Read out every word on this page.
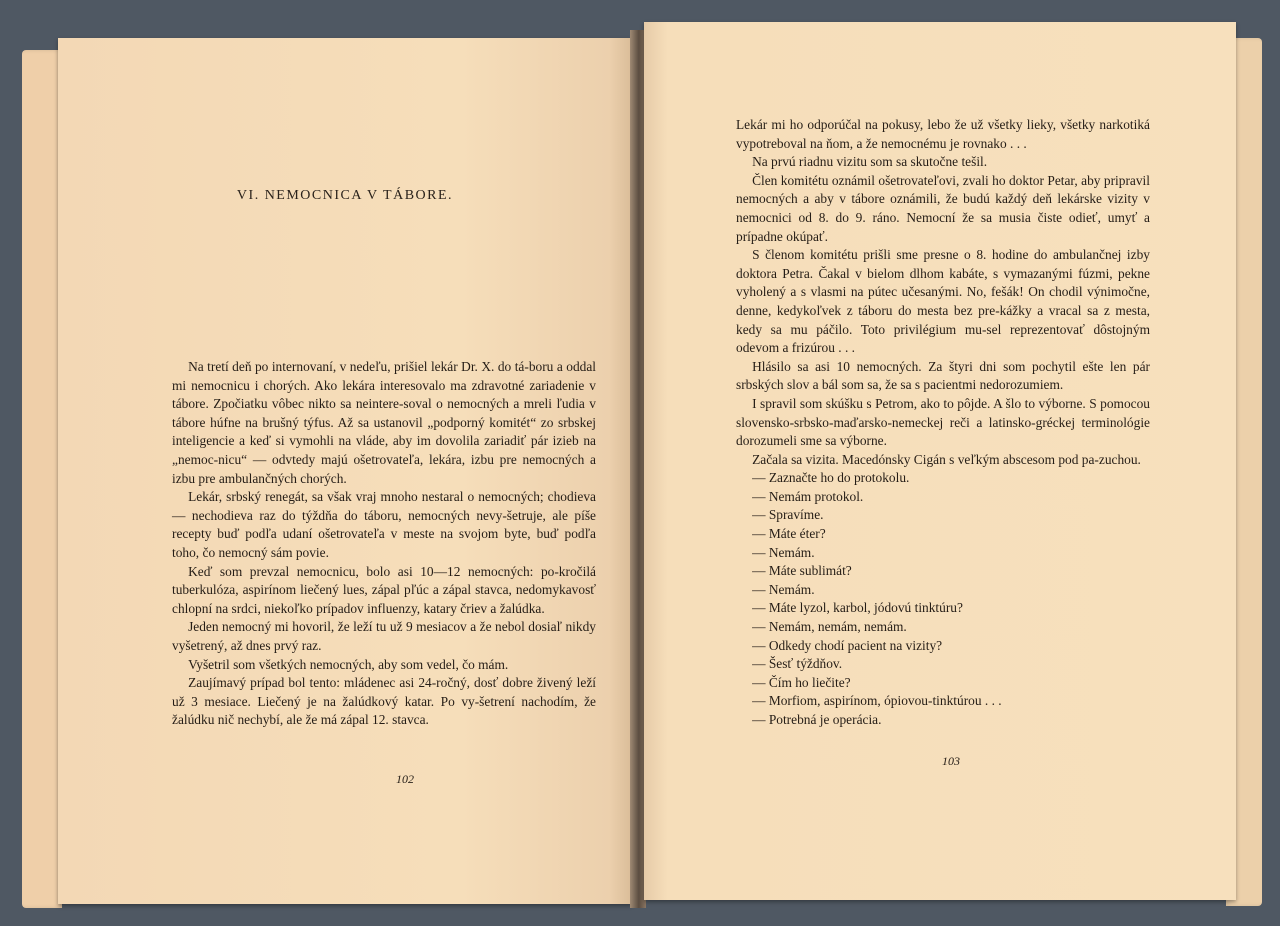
VI. NEMOCNICA V TÁBORE.

Na tretí deň po internovaní, v nedeľu, prišiel lekár Dr. X. do tá-boru a oddal mi nemocnicu i chorých. Ako lekára interesovalo ma zdravotné zariadenie v tábore. Zpočiatku vôbec nikto sa neintere-soval o nemocných a mreli ľudia v tábore húfne na brušný týfus. Až sa ustanovil „podporný komitét“ zo srbskej inteligencie a keď si vymohli na vláde, aby im dovolila zariadiť pár izieb na „nemoc-nicu“ — odvtedy majú ošetrovateľa, lekára, izbu pre nemocných a izbu pre ambulančných chorých.

Lekár, srbský renegát, sa však vraj mnoho nestaral o nemocných; chodieva — nechodieva raz do týždňa do táboru, nemocných nevy-šetruje, ale píše recepty buď podľa udaní ošetrovateľa v meste na svojom byte, buď podľa toho, čo nemocný sám povie.

Keď som prevzal nemocnicu, bolo asi 10—12 nemocných: po-kročilá tuberkulóza, aspirínom liečený lues, zápal pľúc a zápal stavca, nedomykavosť chlopní na srdci, niekoľko prípadov influenzy, katary čriev a žalúdka.

Jeden nemocný mi hovoril, že leží tu už 9 mesiacov a že nebol dosiaľ nikdy vyšetrený, až dnes prvý raz.

Vyšetril som všetkých nemocných, aby som vedel, čo mám.

Zaujímavý prípad bol tento: mládenec asi 24-ročný, dosť dobre živený leží už 3 mesiace. Liečený je na žalúdkový katar. Po vy-šetrení nachodím, že žalúdku nič nechybí, ale že má zápal 12. stavca.

102

Lekár mi ho odporúčal na pokusy, lebo že už všetky lieky, všetky narkotiká vypotreboval na ňom, a že nemocnému je rovnako . . .

Na prvú riadnu vizitu som sa skutočne tešil.

Člen komitétu oznámil ošetrovateľovi, zvali ho doktor Petar, aby pripravil nemocných a aby v tábore oznámili, že budú každý deň lekárske vizity v nemocnici od 8. do 9. ráno. Nemocní že sa musia čiste odieť, umyť a prípadne okúpať.

S členom komitétu prišli sme presne o 8. hodine do ambulančnej izby doktora Petra. Čakal v bielom dlhom kabáte, s vymazanými fúzmi, pekne vyholený a s vlasmi na pútec učesanými. No, fešák! On chodil výnimočne, denne, kedykoľvek z táboru do mesta bez pre-kážky a vracal sa z mesta, kedy sa mu páčilo. Toto privilégium mu-sel reprezentovať dôstojným odevom a frizúrou . . .

Hlásilo sa asi 10 nemocných. Za štyri dni som pochytil ešte len pár srbských slov a bál som sa, že sa s pacientmi nedorozumiem.

I spravil som skúšku s Petrom, ako to pôjde. A šlo to výborne. S pomocou slovensko-srbsko-maďarsko-nemeckej reči a latinsko-gréckej terminológie dorozumeli sme sa výborne.

Začala sa vizita. Macedónsky Cigán s veľkým abscesom pod pa-zuchou.

— Zaznačte ho do protokolu.

— Nemám protokol.

— Spravíme.

— Máte éter?

— Nemám.

— Máte sublimát?

— Nemám.

— Máte lyzol, karbol, jódovú tinktúru?

— Nemám, nemám, nemám.

— Odkedy chodí pacient na vizity?

— Šesť týždňov.

— Čím ho liečite?

— Morfiom, aspirínom, ópiovou-tinktúrou . . .

— Potrebná je operácia.

103
